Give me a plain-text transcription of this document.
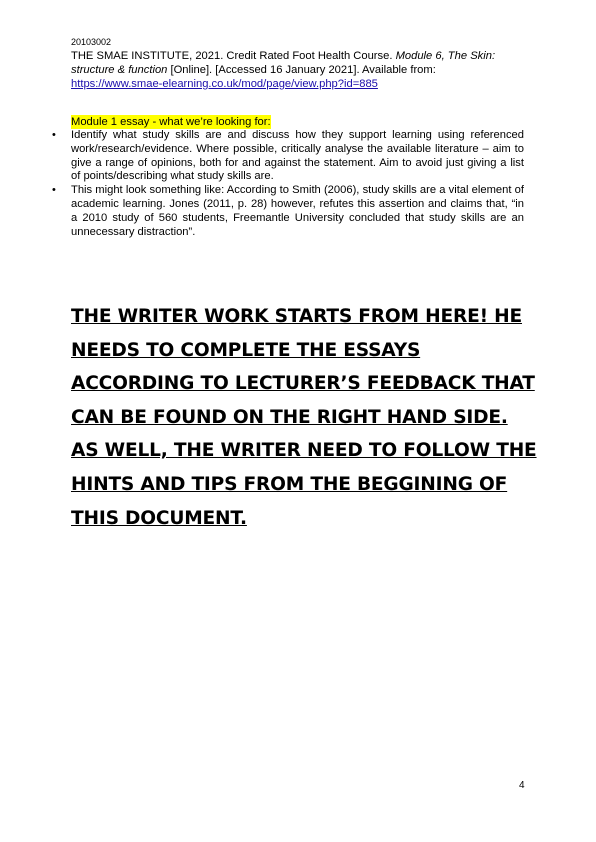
20103002
THE SMAE INSTITUTE, 2021. Credit Rated Foot Health Course. Module 6, The Skin: structure & function [Online]. [Accessed 16 January 2021]. Available from: https://www.smae-elearning.co.uk/mod/page/view.php?id=885
Module 1 essay - what we’re looking for:
• Identify what study skills are and discuss how they support learning using referenced work/research/evidence. Where possible, critically analyse the available literature – aim to give a range of opinions, both for and against the statement. Aim to avoid just giving a list of points/describing what study skills are.
• This might look something like: According to Smith (2006), study skills are a vital element of academic learning. Jones (2011, p. 28) however, refutes this assertion and claims that, “in a 2010 study of 560 students, Freemantle University concluded that study skills are an unnecessary distraction”.
THE WRITER WORK STARTS FROM HERE! HE
NEEDS TO COMPLETE THE ESSAYS
ACCORDING TO LECTURER’S FEEDBACK THAT
CAN BE FOUND ON THE RIGHT HAND SIDE.
AS WELL, THE WRITER NEED TO FOLLOW THE
HINTS AND TIPS FROM THE BEGGINING OF
THIS DOCUMENT.
4
